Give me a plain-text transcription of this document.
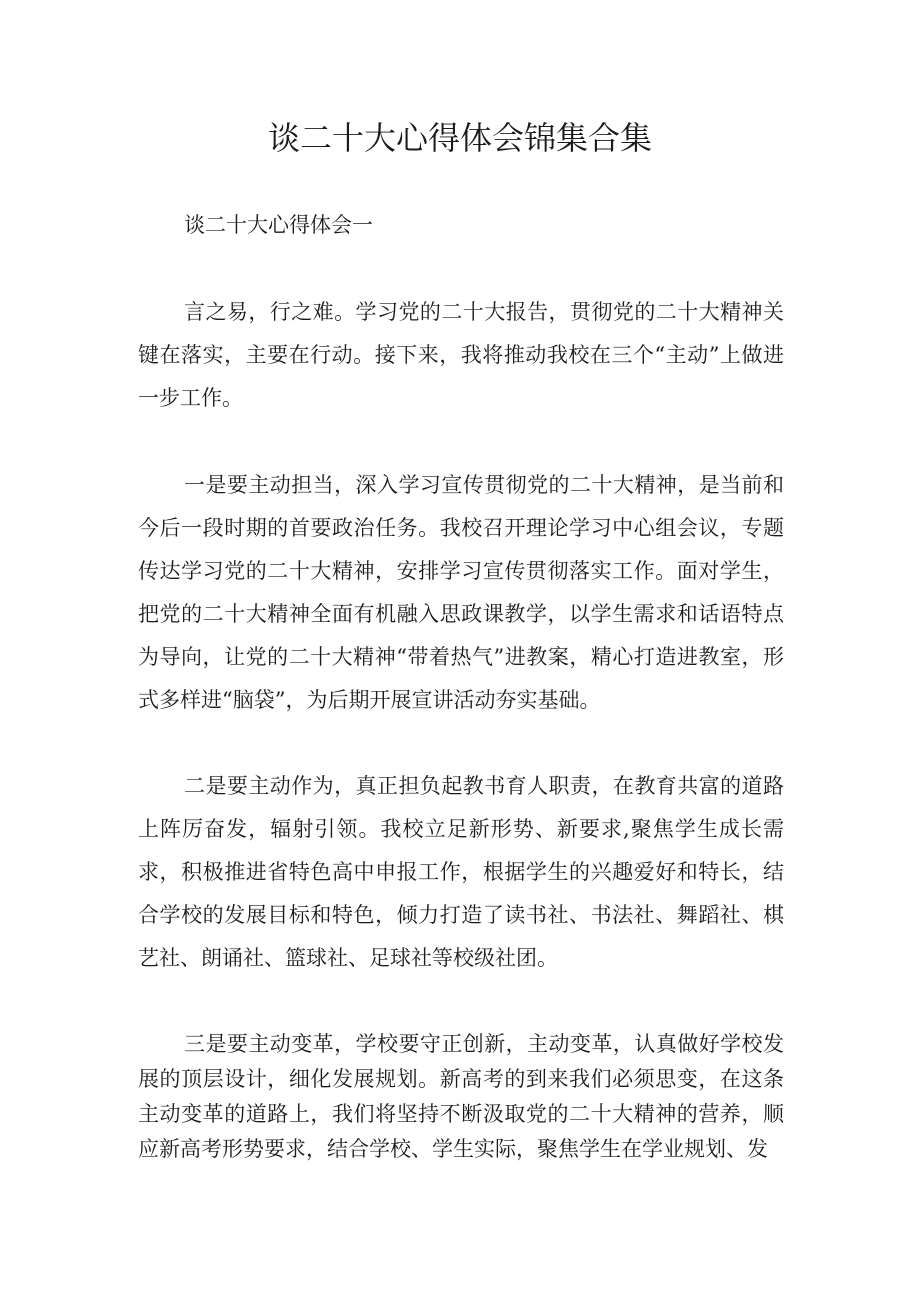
谈二十大心得体会锦集合集

谈二十大心得体会一

言之易，行之难。学习党的二十大报告，贯彻党的二十大精神关键在落实，主要在行动。接下来，我将推动我校在三个“主动”上做进一步工作。

一是要主动担当，深入学习宣传贯彻党的二十大精神，是当前和今后一段时期的首要政治任务。我校召开理论学习中心组会议，专题传达学习党的二十大精神，安排学习宣传贯彻落实工作。面对学生，把党的二十大精神全面有机融入思政课教学，以学生需求和话语特点为导向，让党的二十大精神“带着热气”进教案，精心打造进教室，形式多样进“脑袋”，为后期开展宣讲活动夯实基础。

二是要主动作为，真正担负起教书育人职责，在教育共富的道路上阵厉奋发，辐射引领。我校立足新形势、新要求,聚焦学生成长需求，积极推进省特色高中申报工作，根据学生的兴趣爱好和特长，结合学校的发展目标和特色，倾力打造了读书社、书法社、舞蹈社、棋艺社、朗诵社、篮球社、足球社等校级社团。

三是要主动变革，学校要守正创新，主动变革，认真做好学校发展的顶层设计，细化发展规划。新高考的到来我们必须思变，在这条主动变革的道路上，我们将坚持不断汲取党的二十大精神的营养，顺应新高考形势要求，结合学校、学生实际，聚焦学生在学业规划、发
